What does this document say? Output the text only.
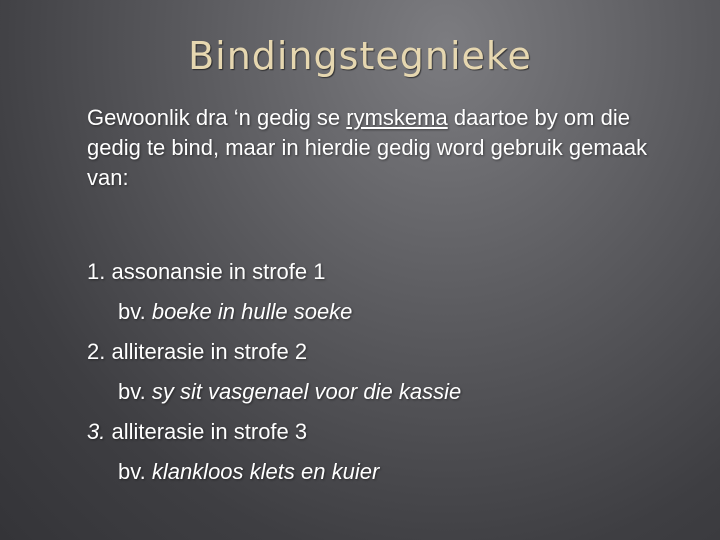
Bindingstegnieke
Gewoonlik dra ‘n gedig se rymskema daartoe by om die gedig te bind, maar in hierdie gedig word gebruik gemaak van:
1. assonansie in strofe 1
bv. boeke in hulle soeke
2. alliterasie in strofe 2
bv. sy sit vasgenael voor die kassie
3. alliterasie in strofe 3
bv. klankloos klets en kuier
